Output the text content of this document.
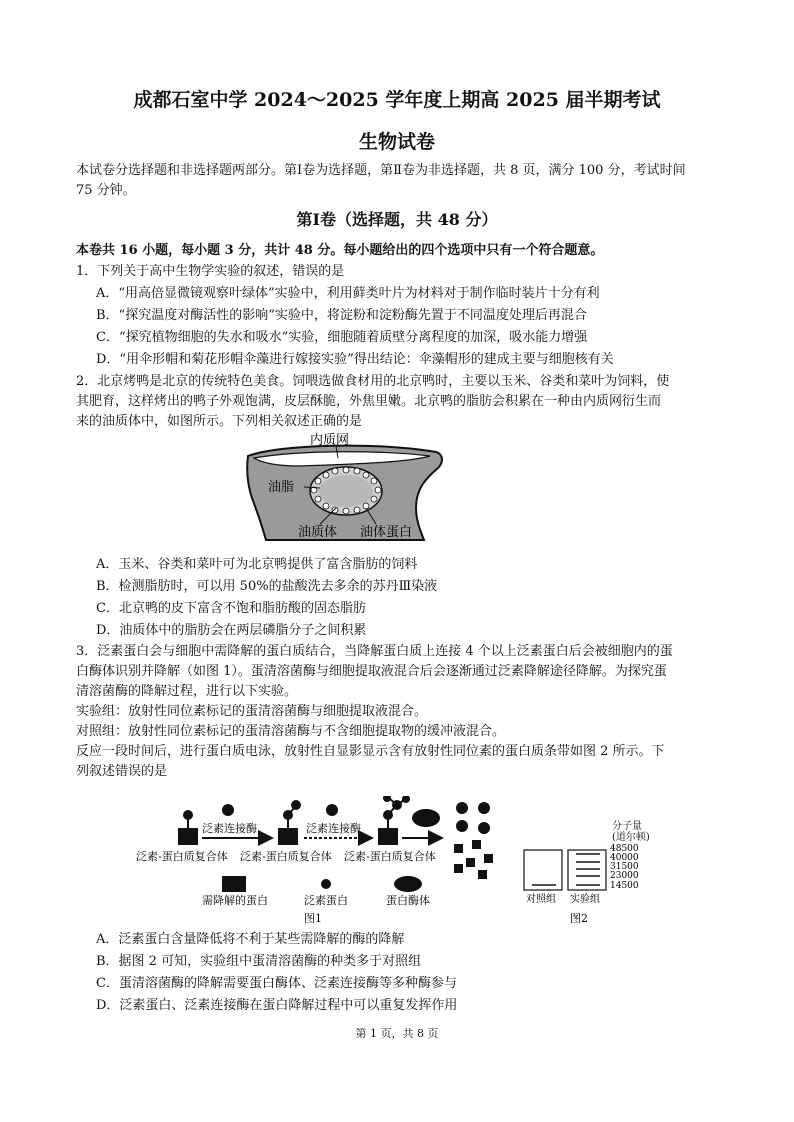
成都石室中学 2024～2025 学年度上期高 2025 届半期考试
生物试卷
本试卷分选择题和非选择题两部分。第Ⅰ卷为选择题，第Ⅱ卷为非选择题，共 8 页，满分 100 分，考试时间
75 分钟。
第Ⅰ卷（选择题，共 48 分）
本卷共 16 小题，每小题 3 分，共计 48 分。每小题给出的四个选项中只有一个符合题意。
1．下列关于高中生物学实验的叙述，错误的是
A．“用高倍显微镜观察叶绿体”实验中，利用藓类叶片为材料对于制作临时装片十分有利
B．“探究温度对酶活性的影响”实验中，将淀粉和淀粉酶先置于不同温度处理后再混合
C．“探究植物细胞的失水和吸水”实验，细胞随着质壁分离程度的加深，吸水能力增强
D．“用伞形帽和菊花形帽伞藻进行嫁接实验”得出结论：伞藻帽形的建成主要与细胞核有关
2．北京烤鸭是北京的传统特色美食。饲喂选做食材用的北京鸭时，主要以玉米、谷类和菜叶为饲料，使
其肥育，这样烤出的鸭子外观饱满，皮层酥脆，外焦里嫩。北京鸭的脂肪会积累在一种由内质网衍生而
来的油质体中，如图所示。下列相关叙述正确的是
油脂
内质网
油质体 油体蛋白
A．玉米、谷类和菜叶可为北京鸭提供了富含脂肪的饲料
B．检测脂肪时，可以用 50%的盐酸洗去多余的苏丹Ⅲ染液
C．北京鸭的皮下富含不饱和脂肪酸的固态脂肪
D．油质体中的脂肪会在两层磷脂分子之间积累
3．泛素蛋白会与细胞中需降解的蛋白质结合，当降解蛋白质上连接 4 个以上泛素蛋白后会被细胞内的蛋
白酶体识别并降解（如图 1）。蛋清溶菌酶与细胞提取液混合后会逐渐通过泛素降解途径降解。为探究蛋
清溶菌酶的降解过程，进行以下实验。
实验组：放射性同位素标记的蛋清溶菌酶与细胞提取液混合。
对照组：放射性同位素标记的蛋清溶菌酶与不含细胞提取物的缓冲液混合。
反应一段时间后，进行蛋白质电泳，放射性自显影显示含有放射性同位素的蛋白质条带如图 2 所示。下
列叙述错误的是
泛素连接酶	泛素连接酶
泛素-蛋白质复合体 泛素-蛋白质复合体 泛素-蛋白质复合体
需降解的蛋白	泛素蛋白	蛋白酶体
图1
48500
40000
31500
23000
14500
对照组 实验组
图2
分子量
(道尔顿)
A．泛素蛋白含量降低将不利于某些需降解的酶的降解
B．据图 2 可知，实验组中蛋清溶菌酶的种类多于对照组
C．蛋清溶菌酶的降解需要蛋白酶体、泛素连接酶等多种酶参与
D．泛素蛋白、泛素连接酶在蛋白降解过程中可以重复发挥作用
第 1 页，共 8 页
